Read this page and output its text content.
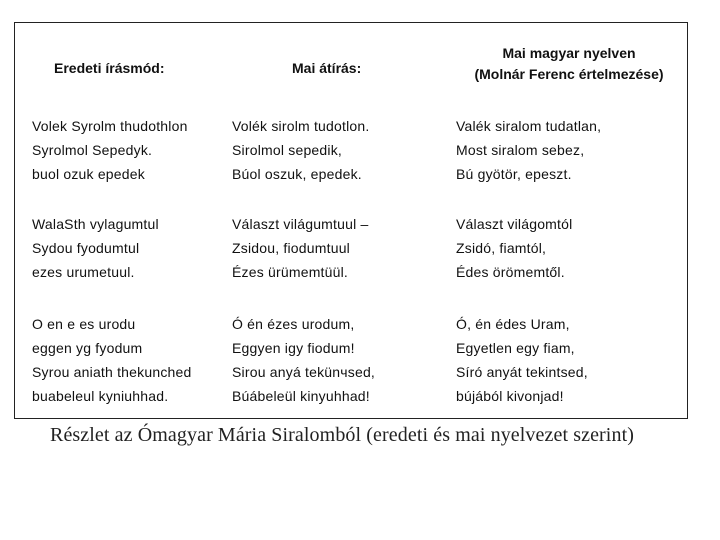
Eredeti írásmód:	Mai átírás:
Mai magyar nyelven
(Molnár Ferenc értelmezése)
Volek Syrolm thudothlon
Syrolmol Sepedyk.
buol ozuk epedek
Volék sirolm tudotlon.
Sirolmol sepedik,
Búol oszuk, epedek.
Valék siralom tudatlan,
Most siralom sebez,
Bú gyötör, epeszt.
WalaSth vylagumtul
Sydou fyodumtul
ezes urumetuul.
Választ világumtuul –
Zsidou, fiodumtuul
Ézes ürümemtüül.
Választ világomtól
Zsidó, fiamtól,
Édes örömemtől.
O en e es urodu
eggen yg fyodum
Syrou aniath thekunched
buabeleul kyniuhhad.
Ó én ézes urodum,
Eggyen igy fiodum!
Sirou anyá tekünчsed,
Búábeleül kinyuhhad!
Ó, én édes Uram,
Egyetlen egy fiam,
Síró anyát tekintsed,
bújából kivonjad!
Részlet az Ómagyar Mária Siralomból (eredeti és mai nyelvezet szerint)
